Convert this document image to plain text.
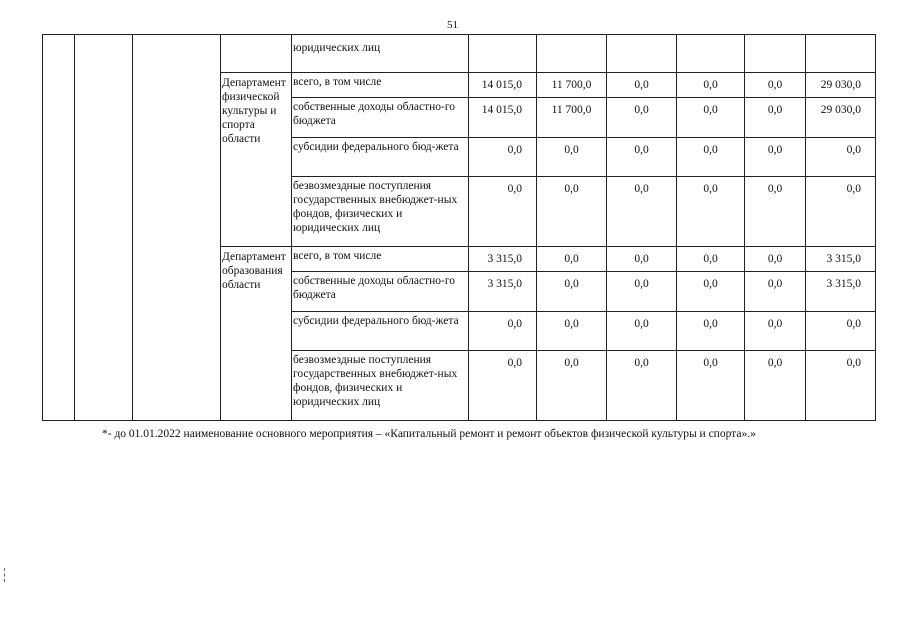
51
				юридических лиц						
			Департамент физической культуры и спорта области	всего, в том числе	14 015,0	11 700,0	0,0	0,0	0,0	29 030,0
				собственные доходы областно-го бюджета	14 015,0	11 700,0	0,0	0,0	0,0	29 030,0
				субсидии федерального бюд-жета	0,0	0,0	0,0	0,0	0,0	0,0
				безвозмездные поступления государственных внебюджет-ных фондов, физических и юридических лиц	0,0	0,0	0,0	0,0	0,0	0,0
			Департамент образования области	всего, в том числе	3 315,0	0,0	0,0	0,0	0,0	3 315,0
				собственные доходы областно-го бюджета	3 315,0	0,0	0,0	0,0	0,0	3 315,0
				субсидии федерального бюд-жета	0,0	0,0	0,0	0,0	0,0	0,0
				безвозмездные поступления государственных внебюджет-ных фондов, физических и юридических лиц	0,0	0,0	0,0	0,0	0,0	0,0
*- до 01.01.2022 наименование основного мероприятия – «Капитальный ремонт и ремонт объектов физической культуры и спорта».»
